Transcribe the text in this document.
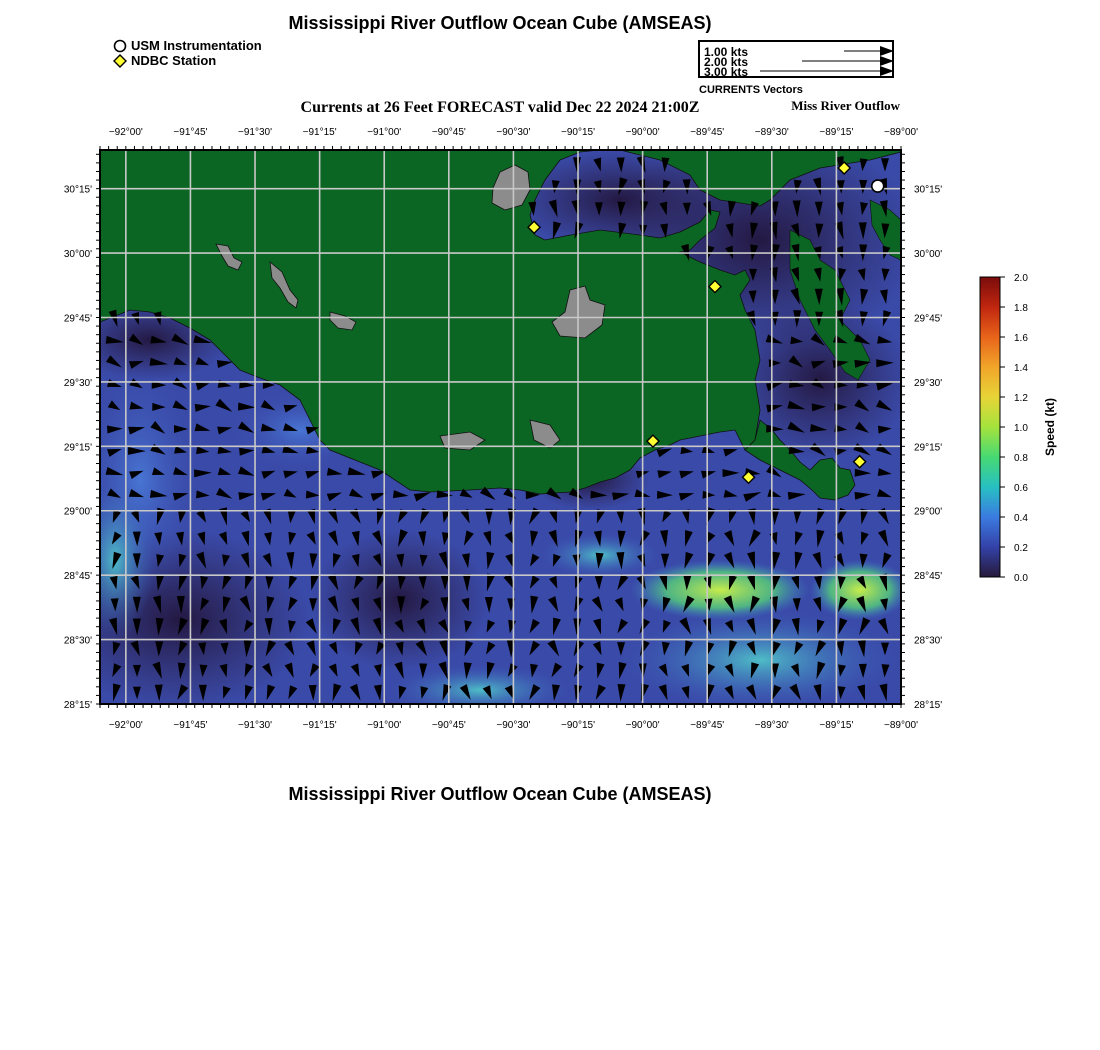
Mississippi River Outflow Ocean Cube (AMSEAS)
USM Instrumentation
NDBC Station
1.00 kts
2.00 kts
3.00 kts
CURRENTS Vectors
Currents at 26 Feet FORECAST valid Dec 22 2024 21:00Z	Miss River Outflow
−92°00'	−91°45'	−91°30'	−91°15'	−91°00'	−90°45'	−90°30'	−90°15'	−90°00'	−89°45'	−89°30'	−89°15'	−89°00'
−92°00'	−91°45'	−91°30'	−91°15'	−91°00'	−90°45'	−90°30'	−90°15'	−90°00'	−89°45'	−89°30'	−89°15'	−89°00'
30°15'
30°00'
29°45'
29°30'
29°15'
29°00'
28°45'
28°30'
28°15'
30°15'
30°00'
29°45'
29°30'
29°15'
29°00'
28°45'
28°30'
28°15'
2.0
1.8
1.6
1.4
1.2
1.0
0.8
0.6
0.4
0.2
0.0
Speed (kt)
Mississippi River Outflow Ocean Cube (AMSEAS)
